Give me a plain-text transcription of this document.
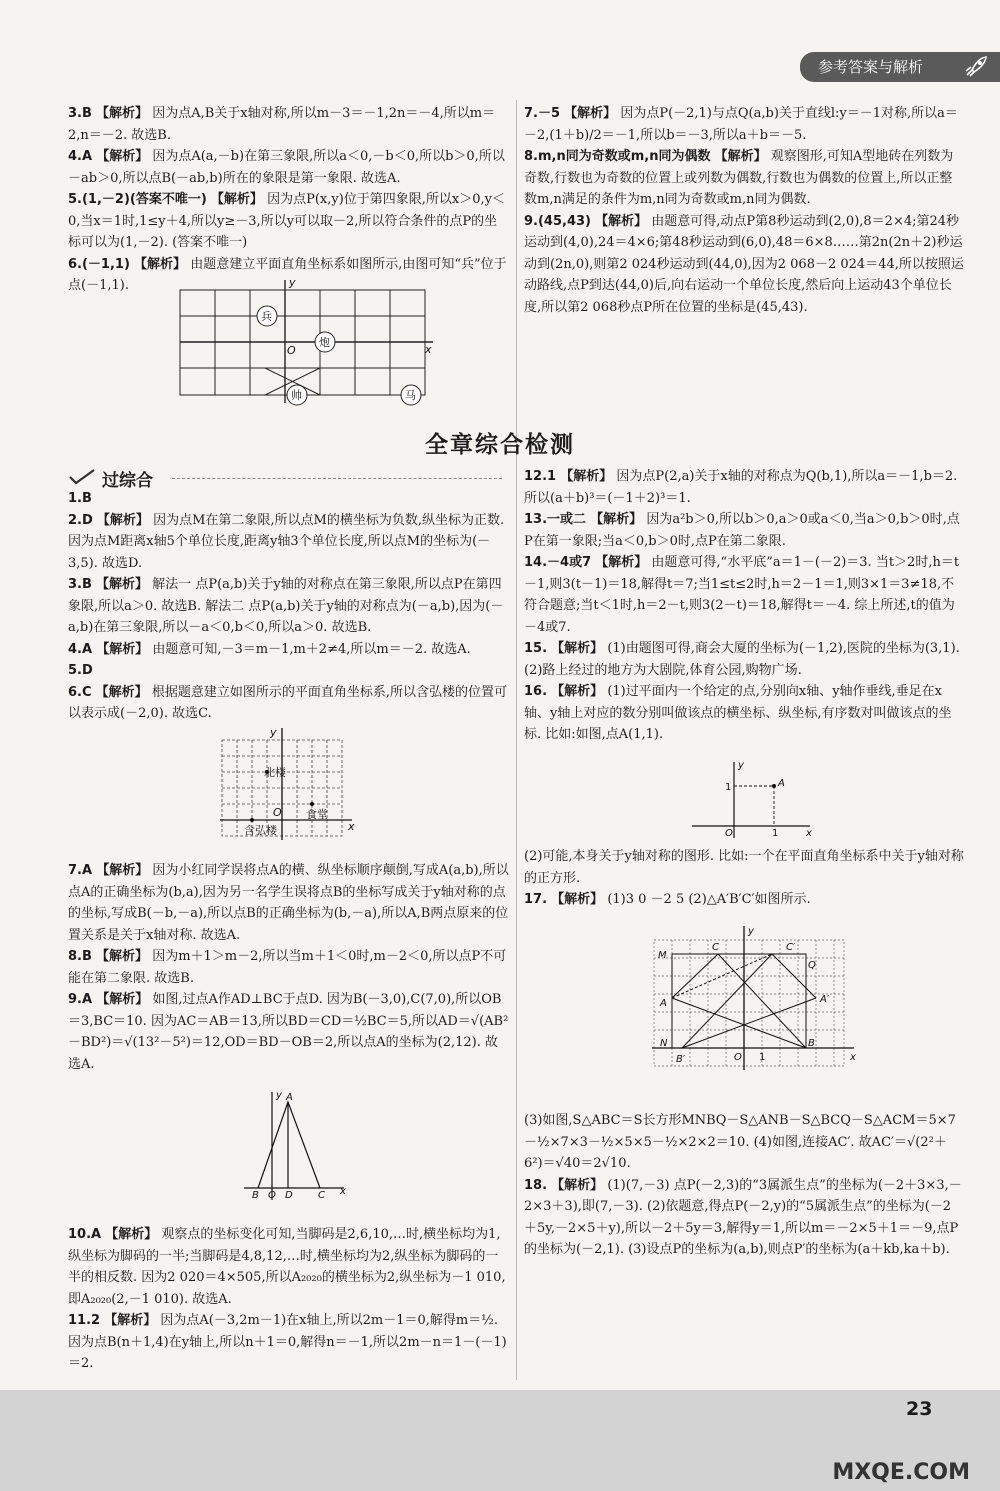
参考答案与解析

3.B 【解析】 因为点A,B关于x轴对称,所以m－3＝－1,2n＝－4,所以m＝2,n＝－2. 故选B.

4.A 【解析】 因为点A(a,－b)在第三象限,所以a＜0,－b＜0,所以b＞0,所以－ab＞0,所以点B(－ab,b)所在的象限是第一象限. 故选A.

5.(1,－2)(答案不唯一) 【解析】 因为点P(x,y)位于第四象限,所以x＞0,y＜0,当x＝1时,1≤y＋4,所以y≥－3,所以y可以取－2,所以符合条件的点P的坐标可以为(1,－2). (答案不唯一)

6.(－1,1) 【解析】 由题意建立平面直角坐标系如图所示,由图可知“兵”位于点(－1,1).

兵
炮
帅	马
O	x
y

7.－5 【解析】 因为点P(－2,1)与点Q(a,b)关于直线l:y＝－1对称,所以a＝－2,(1＋b)/2＝－1,所以b＝－3,所以a＋b＝－5.

8.m,n同为奇数或m,n同为偶数 【解析】 观察图形,可知A型地砖在列数为奇数,行数也为奇数的位置上或列数为偶数,行数也为偶数的位置上,所以正整数m,n满足的条件为m,n同为奇数或m,n同为偶数.

9.(45,43) 【解析】 由题意可得,动点P第8秒运动到(2,0),8＝2×4;第24秒运动到(4,0),24＝4×6;第48秒运动到(6,0),48＝6×8……第2n(2n＋2)秒运动到(2n,0),则第2 024秒运动到(44,0),因为2 068－2 024＝44,所以按照运动路线,点P到达(44,0)后,向右运动一个单位长度,然后向上运动43个单位长度,所以第2 068秒点P所在位置的坐标是(45,43).

全章综合检测
过综合

1.B

2.D 【解析】 因为点M在第二象限,所以点M的横坐标为负数,纵坐标为正数. 因为点M距离x轴5个单位长度,距离y轴3个单位长度,所以点M的坐标为(－3,5). 故选D.

3.B 【解析】 解法一 点P(a,b)关于y轴的对称点在第三象限,所以点P在第四象限,所以a＞0. 故选B. 解法二 点P(a,b)关于y轴的对称点为(－a,b),因为(－a,b)在第三象限,所以－a＜0,b＜0,所以a＞0. 故选B.

4.A 【解析】 由题意可知,－3＝m－1,m＋2≠4,所以m＝－2. 故选A.

5.D

6.C 【解析】 根据题意建立如图所示的平面直角坐标系,所以含弘楼的位置可以表示成(－2,0). 故选C.

北楼
食堂
含弘楼
O
x
y

7.A 【解析】 因为小红同学误将点A的横、纵坐标顺序颠倒,写成A(a,b),所以点A的正确坐标为(b,a),因为另一名学生误将点B的坐标写成关于y轴对称的点的坐标,写成B(－b,－a),所以点B的正确坐标为(b,－a),所以A,B两点原来的位置关系是关于x轴对称. 故选A.

8.B 【解析】 因为m＋1＞m－2,所以当m＋1＜0时,m－2＜0,所以点P不可能在第二象限. 故选B.

9.A 【解析】 如图,过点A作AD⊥BC于点D. 因为B(－3,0),C(7,0),所以OB＝3,BC＝10. 因为AC＝AB＝13,所以BD＝CD＝½BC＝5,所以AD＝√(AB²－BD²)＝√(13²－5²)＝12,OD＝BD－OB＝2,所以点A的坐标为(2,12). 故选A.

A
B O D	C x
y

10.A 【解析】 观察点的坐标变化可知,当脚码是2,6,10,…时,横坐标均为1,纵坐标为脚码的一半;当脚码是4,8,12,…时,横坐标均为2,纵坐标为脚码的一半的相反数. 因为2 020＝4×505,所以A₂₀₂₀的横坐标为2,纵坐标为－1 010,即A₂₀₂₀(2,－1 010). 故选A.

11.2 【解析】 因为点A(－3,2m－1)在x轴上,所以2m－1＝0,解得m＝½. 因为点B(n＋1,4)在y轴上,所以n＋1＝0,解得n＝－1,所以2m－n＝1－(－1)＝2.

12.1 【解析】 因为点P(2,a)关于x轴的对称点为Q(b,1),所以a＝－1,b＝2. 所以(a＋b)³＝(－1＋2)³＝1.

13.一或二 【解析】 因为a²b＞0,所以b＞0,a＞0或a＜0,当a＞0,b＞0时,点P在第一象限;当a＜0,b＞0时,点P在第二象限.

14.－4或7 【解析】 由题意可得,“水平底”a＝1－(－2)＝3. 当t＞2时,h＝t－1,则3(t－1)＝18,解得t＝7;当1≤t≤2时,h＝2－1＝1,则3×1＝3≠18,不符合题意;当t＜1时,h＝2－t,则3(2－t)＝18,解得t＝－4. 综上所述,t的值为－4或7.

15. 【解析】 (1)由题图可得,商会大厦的坐标为(－1,2),医院的坐标为(3,1). (2)路上经过的地方为大剧院,体育公园,购物广场.

16. 【解析】 (1)过平面内一个给定的点,分别向x轴、y轴作垂线,垂足在x轴、y轴上对应的数分别叫做该点的横坐标、纵坐标,有序数对叫做该点的坐标. 比如:如图,点A(1,1).

A
1
1
O	x
y

(2)可能,本身关于y轴对称的图形. 比如:一个在平面直角坐标系中关于y轴对称的正方形.

17. 【解析】 (1)3 0 －2 5 (2)△A′B′C′如图所示.

M
C	C′
Q
A	A′
N
B′
B
O 1	x
y

(3)如图,S△ABC＝S长方形MNBQ－S△ANB－S△BCQ－S△ACM＝5×7－½×7×3－½×5×5－½×2×2＝10. (4)如图,连接AC′. 故AC′＝√(2²＋6²)＝√40＝2√10.

18. 【解析】 (1)(7,－3) 点P(－2,3)的“3属派生点”的坐标为(－2＋3×3,－2×3＋3),即(7,－3). (2)依题意,得点P(－2,y)的“5属派生点”的坐标为(－2＋5y,－2×5＋y),所以－2＋5y＝3,解得y＝1,所以m＝－2×5＋1＝－9,点P的坐标为(－2,1). (3)设点P的坐标为(a,b),则点P′的坐标为(a＋kb,ka＋b).

23
MXQE.COM
